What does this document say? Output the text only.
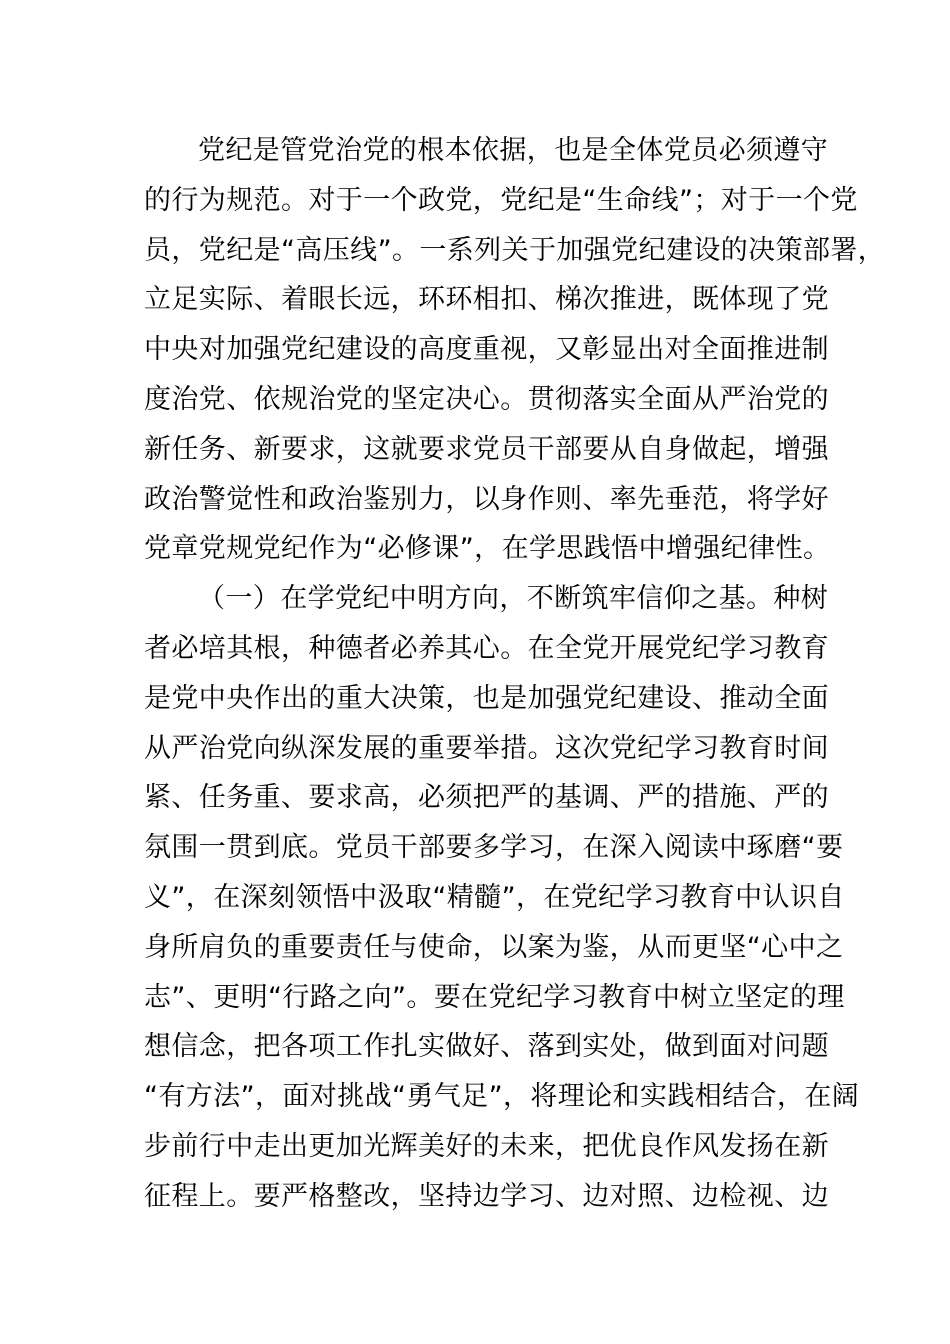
党纪是管党治党的根本依据，也是全体党员必须遵守
的行为规范。对于一个政党，党纪是“生命线”；对于一个党
员，党纪是“高压线”。一系列关于加强党纪建设的决策部署，
立足实际、着眼长远，环环相扣、梯次推进，既体现了党
中央对加强党纪建设的高度重视，又彰显出对全面推进制
度治党、依规治党的坚定决心。贯彻落实全面从严治党的
新任务、新要求，这就要求党员干部要从自身做起，增强
政治警觉性和政治鉴别力，以身作则、率先垂范，将学好
党章党规党纪作为“必修课”，在学思践悟中增强纪律性。
（一）在学党纪中明方向，不断筑牢信仰之基。种树
者必培其根，种德者必养其心。在全党开展党纪学习教育
是党中央作出的重大决策，也是加强党纪建设、推动全面
从严治党向纵深发展的重要举措。这次党纪学习教育时间
紧、任务重、要求高，必须把严的基调、严的措施、严的
氛围一贯到底。党员干部要多学习，在深入阅读中琢磨“要
义”，在深刻领悟中汲取“精髓”，在党纪学习教育中认识自
身所肩负的重要责任与使命，以案为鉴，从而更坚“心中之
志”、更明“行路之向”。要在党纪学习教育中树立坚定的理
想信念，把各项工作扎实做好、落到实处，做到面对问题
“有方法”，面对挑战“勇气足”，将理论和实践相结合，在阔
步前行中走出更加光辉美好的未来，把优良作风发扬在新
征程上。要严格整改，坚持边学习、边对照、边检视、边
